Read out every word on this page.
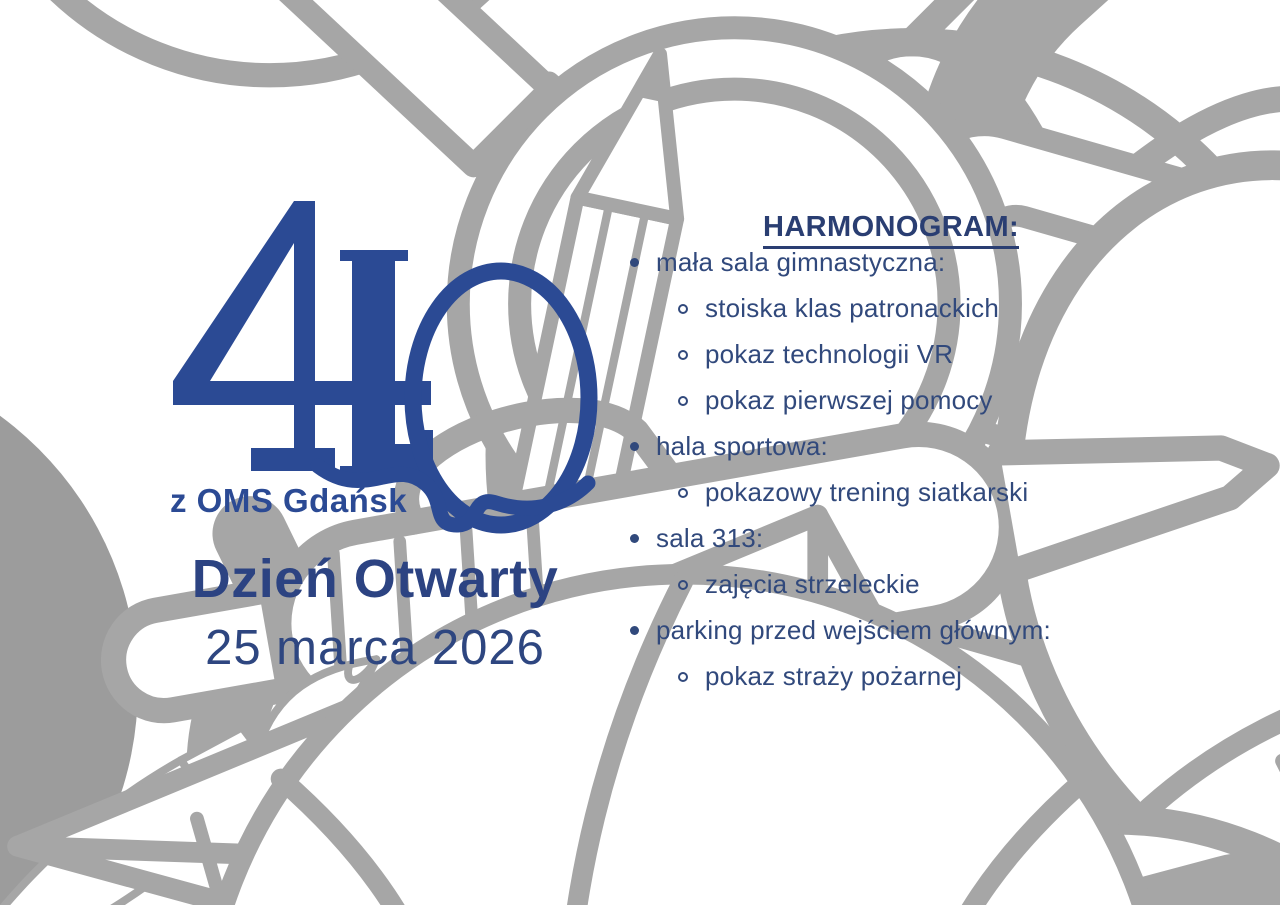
12 1
2
3
4
5
6
7
8
9
10
11
z OMS Gdańsk
Dzień Otwarty
25 marca 2026
HARMONOGRAM:
mała sala gimnastyczna:
stoiska klas patronackich
pokaz technologii VR
pokaz pierwszej pomocy
hala sportowa:
pokazowy trening siatkarski
sala 313:
zajęcia strzeleckie
parking przed wejściem głównym:
pokaz straży pożarnej
